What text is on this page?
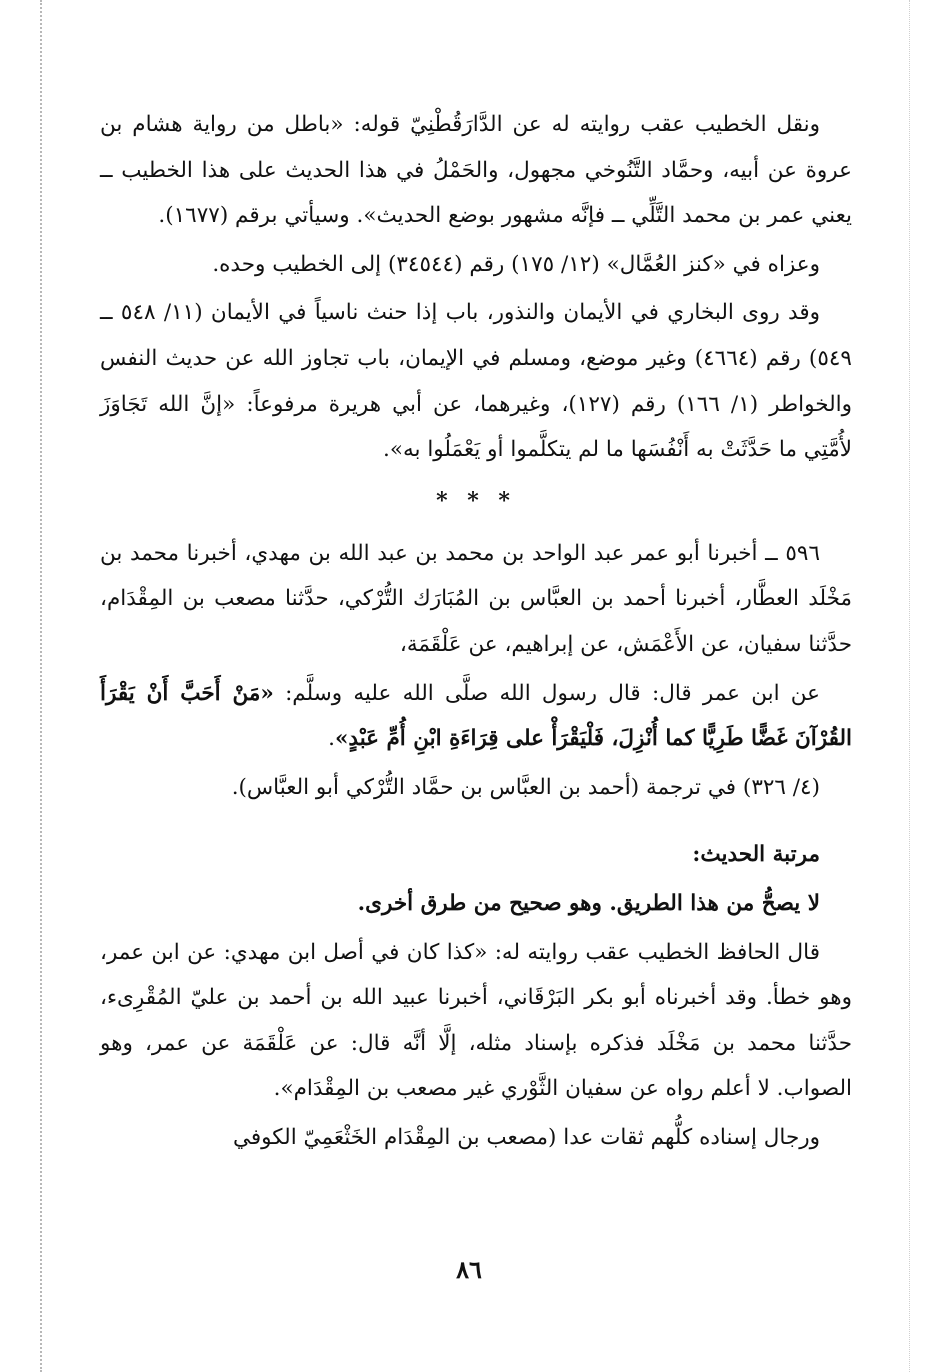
ونقل الخطيب عقب روايته له عن الدَّارَقُطْنِيّ قوله: «باطل من رواية هشام بن عروة عن أبيه، وحمَّاد التَّنُوخي مجهول، والحَمْلُ في هذا الحديث على هذا الخطيب ــ يعني عمر بن محمد التَّلِّي ــ فإنَّه مشهور بوضع الحديث». وسيأتي برقم (١٦٧٧).

وعزاه في «كنز العُمَّال» (١٢/ ١٧٥) رقم (٣٤٥٤٤) إلى الخطيب وحده.

وقد روى البخاري في الأيمان والنذور، باب إذا حنث ناسياً في الأيمان (١١/ ٥٤٨ ــ ٥٤٩) رقم (٤٦٦٤) وغير موضع، ومسلم في الإيمان، باب تجاوز الله عن حديث النفس والخواطر (١/ ١٦٦) رقم (١٢٧)، وغيرهما، عن أبي هريرة مرفوعاً: «إنَّ الله تَجَاوَزَ لأُمَّتِي ما حَدَّثَتْ به أَنْفُسَها ما لم يتكلَّموا أو يَعْمَلُوا به».

* * *

٥٩٦ ــ أخبرنا أبو عمر عبد الواحد بن محمد بن عبد الله بن مهدي، أخبرنا محمد بن مَخْلَد العطَّار، أخبرنا أحمد بن العبَّاس بن المُبَارَك التُّرْكي، حدَّثنا مصعب بن المِقْدَام، حدَّثنا سفيان، عن الأَعْمَش، عن إبراهيم، عن عَلْقَمَة،

عن ابن عمر قال: قال رسول الله صلَّى الله عليه وسلَّم: «مَنْ أَحَبَّ أَنْ يَقْرَأَ القُرْآنَ غَضًّا طَرِيًّا كما أُنْزِلَ، فَلْيَقْرَأْ على قِرَاءَةِ ابْنِ أُمِّ عَبْدٍ».

(٤/ ٣٢٦) في ترجمة (أحمد بن العبَّاس بن حمَّاد التُّرْكي أبو العبَّاس).

مرتبة الحديث:

لا يصحُّ من هذا الطريق. وهو صحيح من طرق أخرى.

قال الحافظ الخطيب عقب روايته له: «كذا كان في أصل ابن مهدي: عن ابن عمر، وهو خطأ. وقد أخبرناه أبو بكر البَرْقَاني، أخبرنا عبيد الله بن أحمد بن عليّ المُقْرِىء، حدَّثنا محمد بن مَخْلَد فذكره بإسناد مثله، إلَّا أنَّه قال: عن عَلْقَمَة عن عمر، وهو الصواب. لا أعلم رواه عن سفيان الثَّوْري غير مصعب بن المِقْدَام».

ورجال إسناده كلُّهم ثقات عدا (مصعب بن المِقْدَام الخَثْعَمِيّ الكوفي

٨٦
